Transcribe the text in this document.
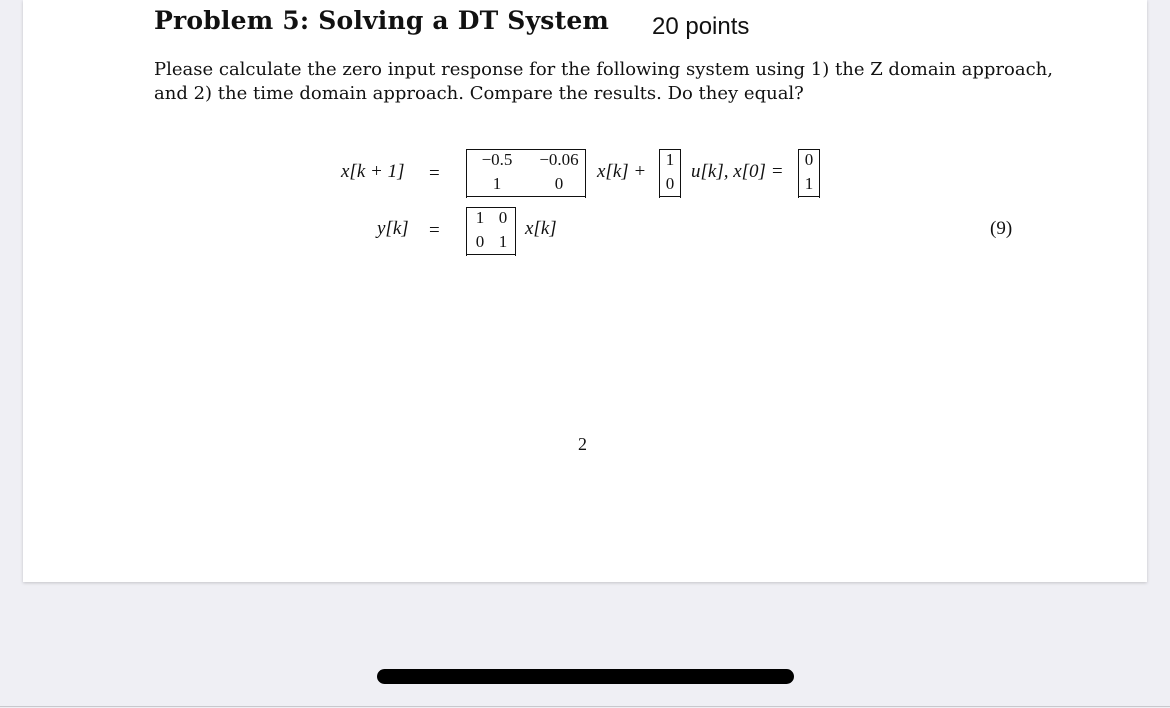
Problem 5: Solving a DT System 20 points
Please calculate the zero input response for the following system using 1) the Z domain approach,
and 2) the time domain approach. Compare the results. Do they equal?
x[k + 1] =
−0.5	−0.06
1	0
x[k] +
1
0
u[k], x[0] =
0
1
y[k] =
1 0
0 1
x[k]	(9)
2
